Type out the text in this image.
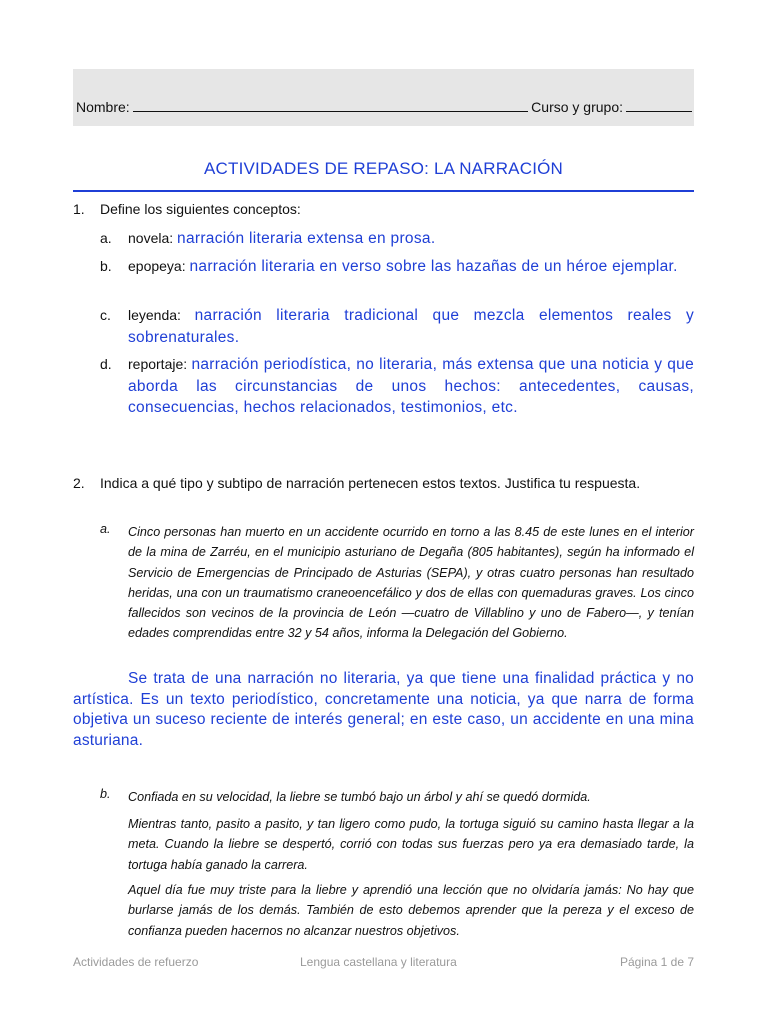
Nombre:	Curso y grupo:
ACTIVIDADES DE REPASO: LA NARRACIÓN
1. Define los siguientes conceptos:
a. novela: narración literaria extensa en prosa.
b. epopeya: narración literaria en verso sobre las hazañas de un héroe ejemplar.
c. leyenda: narración literaria tradicional que mezcla elementos reales y sobrenaturales.
d. reportaje: narración periodística, no literaria, más extensa que una noticia y que aborda las circunstancias de unos hechos: antecedentes, causas, consecuencias, hechos relacionados, testimonios, etc.
2. Indica a qué tipo y subtipo de narración pertenecen estos textos. Justifica tu respuesta.
a. Cinco personas han muerto en un accidente ocurrido en torno a las 8.45 de este lunes en el interior de la mina de Zarréu, en el municipio asturiano de Degaña (805 habitantes), según ha informado el Servicio de Emergencias de Principado de Asturias (SEPA), y otras cuatro personas han resultado heridas, una con un traumatismo craneoencefálico y dos de ellas con quemaduras graves. Los cinco fallecidos son vecinos de la provincia de León —cuatro de Villablino y uno de Fabero—, y tenían edades comprendidas entre 32 y 54 años, informa la Delegación del Gobierno.
Se trata de una narración no literaria, ya que tiene una finalidad práctica y no artística. Es un texto periodístico, concretamente una noticia, ya que narra de forma objetiva un suceso reciente de interés general; en este caso, un accidente en una mina asturiana.
b. Confiada en su velocidad, la liebre se tumbó bajo un árbol y ahí se quedó dormida.
Mientras tanto, pasito a pasito, y tan ligero como pudo, la tortuga siguió su camino hasta llegar a la meta. Cuando la liebre se despertó, corrió con todas sus fuerzas pero ya era demasiado tarde, la tortuga había ganado la carrera.
Aquel día fue muy triste para la liebre y aprendió una lección que no olvidaría jamás: No hay que burlarse jamás de los demás. También de esto debemos aprender que la pereza y el exceso de confianza pueden hacernos no alcanzar nuestros objetivos.
Actividades de refuerzo	Lengua castellana y literatura	Página 1 de 7
